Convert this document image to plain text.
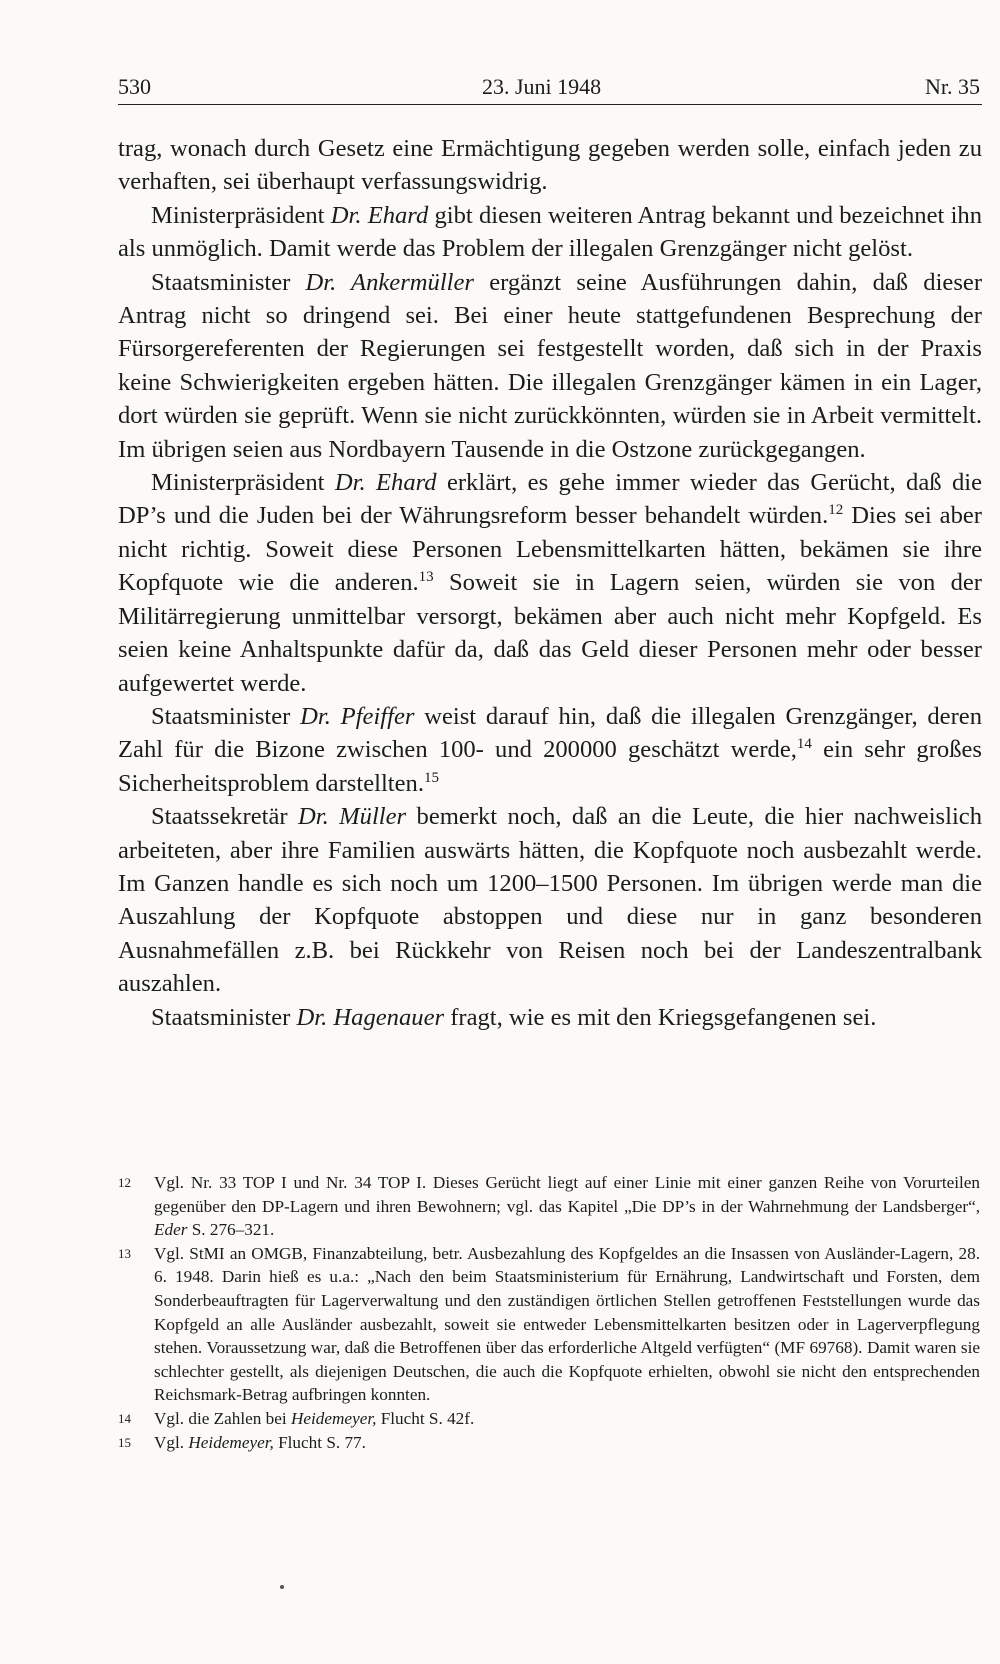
530	23. Juni 1948	Nr. 35

trag, wonach durch Gesetz eine Ermächtigung gegeben werden solle, einfach jeden zu verhaften, sei überhaupt verfassungswidrig.

Ministerpräsident Dr. Ehard gibt diesen weiteren Antrag bekannt und bezeichnet ihn als unmöglich. Damit werde das Problem der illegalen Grenzgänger nicht gelöst.

Staatsminister Dr. Ankermüller ergänzt seine Ausführungen dahin, daß dieser Antrag nicht so dringend sei. Bei einer heute stattgefundenen Besprechung der Fürsorgereferenten der Regierungen sei festgestellt worden, daß sich in der Praxis keine Schwierigkeiten ergeben hätten. Die illegalen Grenzgänger kämen in ein Lager, dort würden sie geprüft. Wenn sie nicht zurückkönnten, würden sie in Arbeit vermittelt. Im übrigen seien aus Nordbayern Tausende in die Ostzone zurückgegangen.

Ministerpräsident Dr. Ehard erklärt, es gehe immer wieder das Gerücht, daß die DP’s und die Juden bei der Währungsreform besser behandelt würden.$^{12}$ Dies sei aber nicht richtig. Soweit diese Personen Lebensmittelkarten hätten, bekämen sie ihre Kopfquote wie die anderen.$^{13}$ Soweit sie in Lagern seien, würden sie von der Militärregierung unmittelbar versorgt, bekämen aber auch nicht mehr Kopfgeld. Es seien keine Anhaltspunkte dafür da, daß das Geld dieser Personen mehr oder besser aufgewertet werde.

Staatsminister Dr. Pfeiffer weist darauf hin, daß die illegalen Grenzgänger, deren Zahl für die Bizone zwischen 100- und 200000 geschätzt werde,$^{14}$ ein sehr großes Sicherheitsproblem darstellten.$^{15}$

Staatssekretär Dr. Müller bemerkt noch, daß an die Leute, die hier nachweislich arbeiteten, aber ihre Familien auswärts hätten, die Kopfquote noch ausbezahlt werde. Im Ganzen handle es sich noch um 1200–1500 Personen. Im übrigen werde man die Auszahlung der Kopfquote abstoppen und diese nur in ganz besonderen Ausnahmefällen z.B. bei Rückkehr von Reisen noch bei der Landeszentralbank auszahlen.

Staatsminister Dr. Hagenauer fragt, wie es mit den Kriegsgefangenen sei.

12 Vgl. Nr. 33 TOP I und Nr. 34 TOP I. Dieses Gerücht liegt auf einer Linie mit einer ganzen Reihe von Vorurteilen gegenüber den DP-Lagern und ihren Bewohnern; vgl. das Kapitel „Die DP’s in der Wahrnehmung der Landsberger“, Eder S. 276–321.
13 Vgl. StMI an OMGB, Finanzabteilung, betr. Ausbezahlung des Kopfgeldes an die Insassen von Ausländer-Lagern, 28. 6. 1948. Darin hieß es u.a.: „Nach den beim Staatsministerium für Ernährung, Landwirtschaft und Forsten, dem Sonderbeauftragten für Lagerverwaltung und den zuständigen örtlichen Stellen getroffenen Feststellungen wurde das Kopfgeld an alle Ausländer ausbezahlt, soweit sie entweder Lebensmittelkarten besitzen oder in Lagerverpflegung stehen. Voraussetzung war, daß die Betroffenen über das erforderliche Altgeld verfügten“ (MF 69768). Damit waren sie schlechter gestellt, als diejenigen Deutschen, die auch die Kopfquote erhielten, obwohl sie nicht den entsprechenden Reichsmark-Betrag aufbringen konnten.
14 Vgl. die Zahlen bei Heidemeyer, Flucht S. 42f.
15 Vgl. Heidemeyer, Flucht S. 77.
